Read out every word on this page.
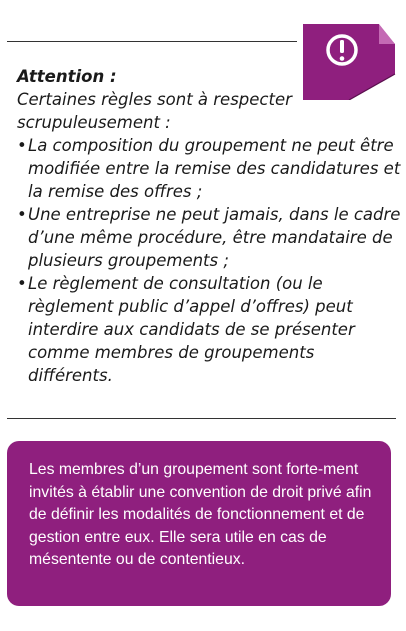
Attention :
Certaines règles sont à respecter scrupuleusement :
• La composition du groupement ne peut être modifiée entre la remise des candidatures et la remise des offres ;
• Une entreprise ne peut jamais, dans le cadre d’une même procédure, être mandataire de plusieurs groupements ;
• Le règlement de consultation (ou le règlement public d’appel d’offres) peut interdire aux candidats de se présenter comme membres de groupements différents.
Les membres d’un groupement sont forte-ment invités à établir une convention de droit privé afin de définir les modalités de fonctionnement et de gestion entre eux. Elle sera utile en cas de mésentente ou de contentieux.
